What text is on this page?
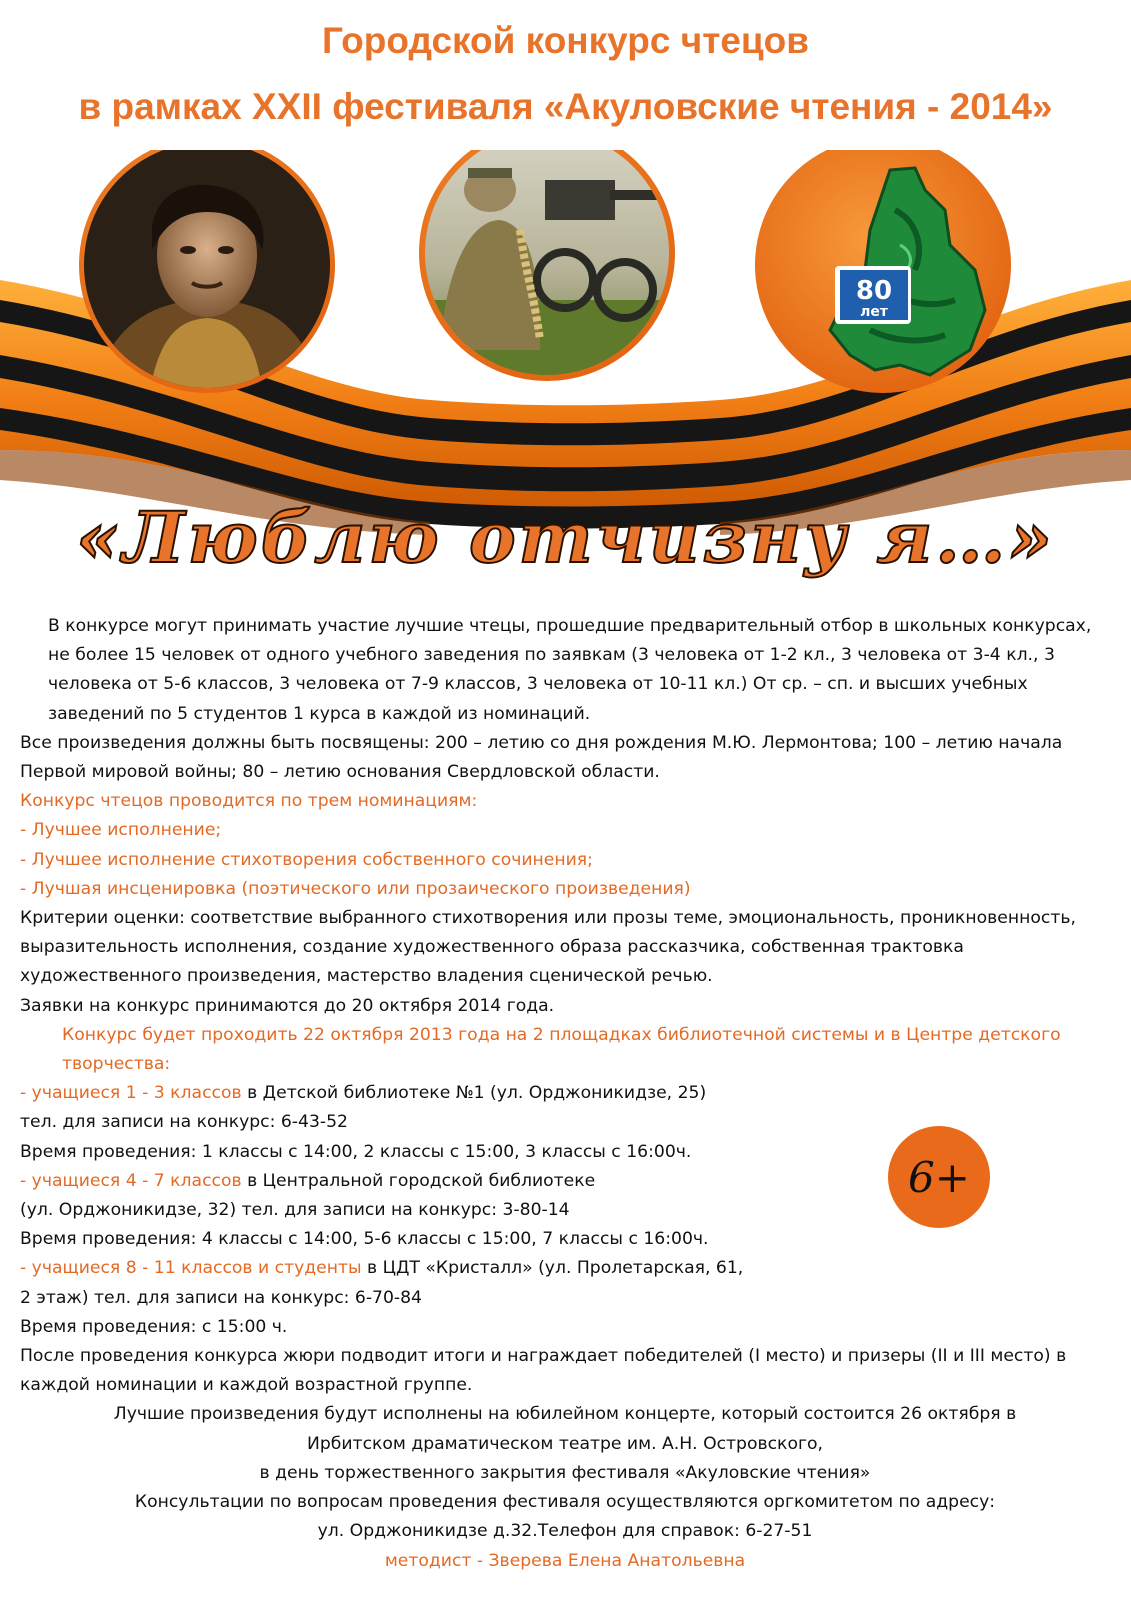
Городской конкурс чтецов
в рамках XXII фестиваля «Акуловские чтения - 2014»
80
лет
«Люблю отчизну я…»

В конкурсе могут принимать участие лучшие чтецы, прошедшие предварительный отбор в школьных конкурсах, не более 15 человек от одного учебного заведения по заявкам (3 человека от 1-2 кл., 3 человека от 3-4 кл., 3 человека от 5-6 классов, 3 человека от 7-9 классов, 3 человека от 10-11 кл.) От ср. – сп. и высших учебных заведений по 5 студентов 1 курса в каждой из номинаций.

Все произведения должны быть посвящены: 200 – летию со дня рождения М.Ю. Лермонтова; 100 – летию начала Первой мировой войны; 80 – летию основания Свердловской области.

Конкурс чтецов проводится по трем номинациям:

- Лучшее исполнение;

- Лучшее исполнение стихотворения собственного сочинения;

- Лучшая инсценировка (поэтического или прозаического произведения)

Критерии оценки: соответствие выбранного стихотворения или прозы теме, эмоциональность, проникновенность, выразительность исполнения, создание художественного образа рассказчика, собственная трактовка художественного произведения, мастерство владения сценической речью.

Заявки на конкурс принимаются до 20 октября 2014 года.

Конкурс будет проходить 22 октября 2013 года на 2 площадках библиотечной системы и в Центре детского творчества:

- учащиеся 1 - 3 классов в Детской библиотеке №1 (ул. Орджоникидзе, 25)

тел. для записи на конкурс: 6-43-52

Время проведения: 1 классы с 14:00, 2 классы с 15:00, 3 классы с 16:00ч.

- учащиеся 4 - 7 классов в Центральной городской библиотеке

(ул. Орджоникидзе, 32) тел. для записи на конкурс: 3-80-14

Время проведения: 4 классы с 14:00, 5-6 классы с 15:00, 7 классы с 16:00ч.

- учащиеся 8 - 11 классов и студенты в ЦДТ «Кристалл» (ул. Пролетарская, 61,

2 этаж) тел. для записи на конкурс: 6-70-84

Время проведения: с 15:00 ч.

После проведения конкурса жюри подводит итоги и награждает победителей (I место) и призеры (II и III место) в каждой номинации и каждой возрастной группе.

Лучшие произведения будут исполнены на юбилейном концерте, который состоится 26 октября в

Ирбитском драматическом театре им. А.Н. Островского,

в день торжественного закрытия фестиваля «Акуловские чтения»

Консультации по вопросам проведения фестиваля осуществляются оргкомитетом по адресу:

ул. Орджоникидзе д.32.Телефон для справок: 6-27-51

методист - Зверева Елена Анатольевна

6+
